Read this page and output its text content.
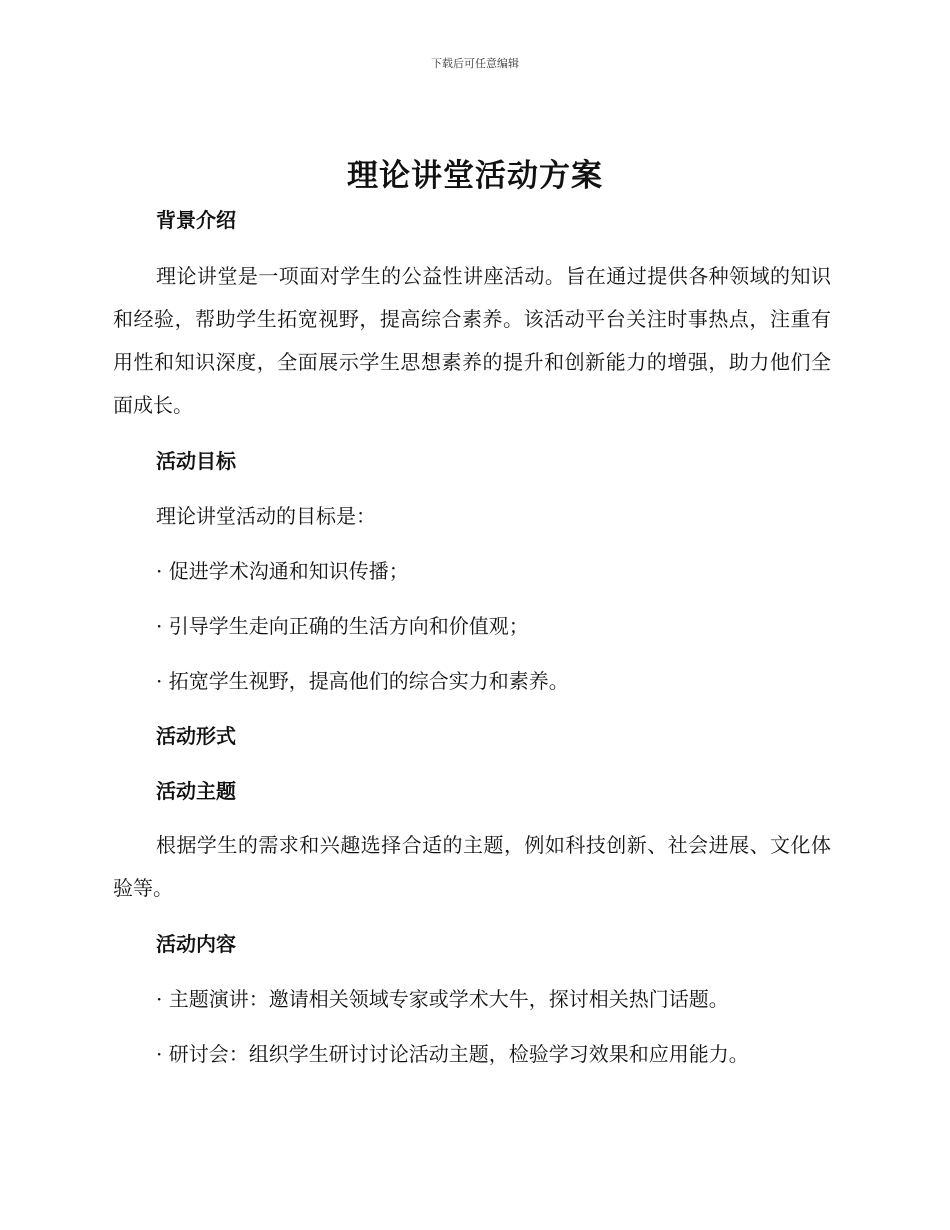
下载后可任意编辑
理论讲堂活动方案

背景介绍

理论讲堂是一项面对学生的公益性讲座活动。旨在通过提供各种领域的知识和经验，帮助学生拓宽视野，提高综合素养。该活动平台关注时事热点，注重有用性和知识深度，全面展示学生思想素养的提升和创新能力的增强，助力他们全面成长。

活动目标

理论讲堂活动的目标是：

· 促进学术沟通和知识传播；

· 引导学生走向正确的生活方向和价值观；

· 拓宽学生视野，提高他们的综合实力和素养。

活动形式

活动主题

根据学生的需求和兴趣选择合适的主题，例如科技创新、社会进展、文化体验等。

活动内容

· 主题演讲：邀请相关领域专家或学术大牛，探讨相关热门话题。

· 研讨会：组织学生研讨讨论活动主题，检验学习效果和应用能力。
